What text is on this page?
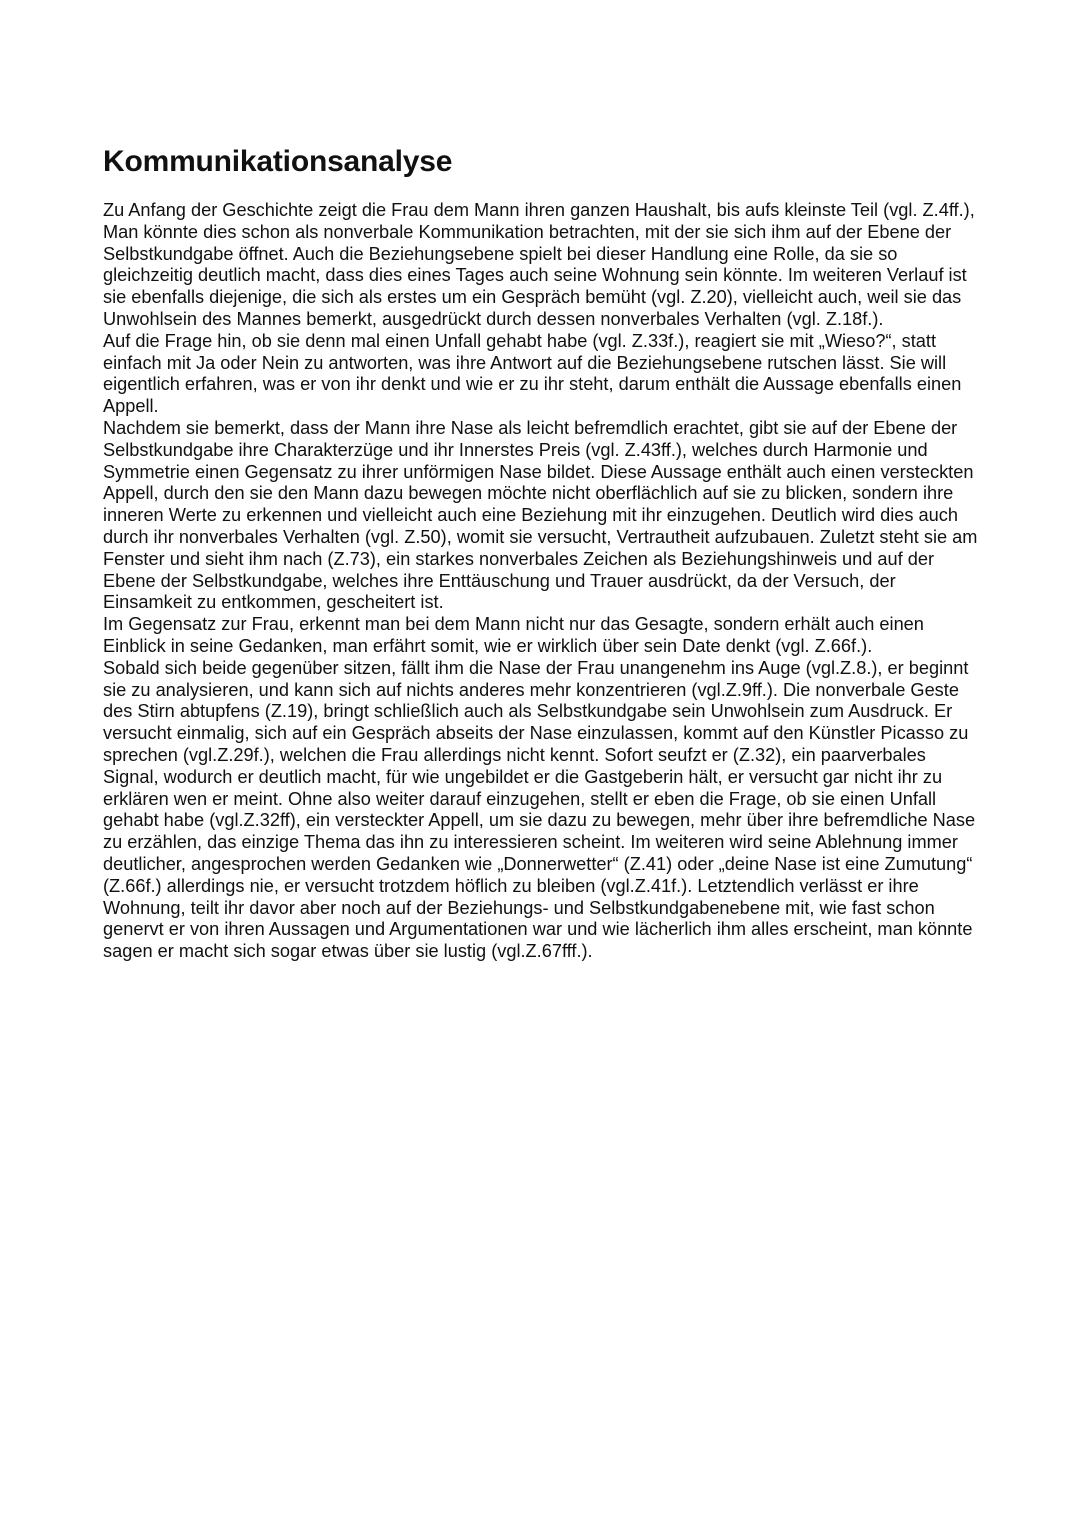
Kommunikationsanalyse

Zu Anfang der Geschichte zeigt die Frau dem Mann ihren ganzen Haushalt, bis aufs kleinste Teil (vgl. Z.4ff.), Man könnte dies schon als nonverbale Kommunikation betrachten, mit der sie sich ihm auf der Ebene der Selbstkundgabe öffnet. Auch die Beziehungsebene spielt bei dieser Handlung eine Rolle, da sie so gleichzeitig deutlich macht, dass dies eines Tages auch seine Wohnung sein könnte. Im weiteren Verlauf ist sie ebenfalls diejenige, die sich als erstes um ein Gespräch bemüht (vgl. Z.20), vielleicht auch, weil sie das Unwohlsein des Mannes bemerkt, ausgedrückt durch dessen nonverbales Verhalten (vgl. Z.18f.).

Auf die Frage hin, ob sie denn mal einen Unfall gehabt habe (vgl. Z.33f.), reagiert sie mit „Wieso?“, statt einfach mit Ja oder Nein zu antworten, was ihre Antwort auf die Beziehungsebene rutschen lässt. Sie will eigentlich erfahren, was er von ihr denkt und wie er zu ihr steht, darum enthält die Aussage ebenfalls einen Appell.

Nachdem sie bemerkt, dass der Mann ihre Nase als leicht befremdlich erachtet, gibt sie auf der Ebene der Selbstkundgabe ihre Charakterzüge und ihr Innerstes Preis (vgl. Z.43ff.), welches durch Harmonie und Symmetrie einen Gegensatz zu ihrer unförmigen Nase bildet. Diese Aussage enthält auch einen versteckten Appell, durch den sie den Mann dazu bewegen möchte nicht oberflächlich auf sie zu blicken, sondern ihre inneren Werte zu erkennen und vielleicht auch eine Beziehung mit ihr einzugehen. Deutlich wird dies auch durch ihr nonverbales Verhalten (vgl. Z.50), womit sie versucht, Vertrautheit aufzubauen. Zuletzt steht sie am Fenster und sieht ihm nach (Z.73), ein starkes nonverbales Zeichen als Beziehungshinweis und auf der Ebene der Selbstkundgabe, welches ihre Enttäuschung und Trauer ausdrückt, da der Versuch, der Einsamkeit zu entkommen, gescheitert ist.

Im Gegensatz zur Frau, erkennt man bei dem Mann nicht nur das Gesagte, sondern erhält auch einen Einblick in seine Gedanken, man erfährt somit, wie er wirklich über sein Date denkt (vgl. Z.66f.).

Sobald sich beide gegenüber sitzen, fällt ihm die Nase der Frau unangenehm ins Auge (vgl.Z.8.), er beginnt sie zu analysieren, und kann sich auf nichts anderes mehr konzentrieren (vgl.Z.9ff.). Die nonverbale Geste des Stirn abtupfens (Z.19), bringt schließlich auch als Selbstkundgabe sein Unwohlsein zum Ausdruck. Er versucht einmalig, sich auf ein Gespräch abseits der Nase einzulassen, kommt auf den Künstler Picasso zu sprechen (vgl.Z.29f.), welchen die Frau allerdings nicht kennt. Sofort seufzt er (Z.32), ein paarverbales Signal, wodurch er deutlich macht, für wie ungebildet er die Gastgeberin hält, er versucht gar nicht ihr zu erklären wen er meint. Ohne also weiter darauf einzugehen, stellt er eben die Frage, ob sie einen Unfall gehabt habe (vgl.Z.32ff), ein versteckter Appell, um sie dazu zu bewegen, mehr über ihre befremdliche Nase zu erzählen, das einzige Thema das ihn zu interessieren scheint. Im weiteren wird seine Ablehnung immer deutlicher, angesprochen werden Gedanken wie „Donnerwetter“ (Z.41) oder „deine Nase ist eine Zumutung“ (Z.66f.) allerdings nie, er versucht trotzdem höflich zu bleiben (vgl.Z.41f.). Letztendlich verlässt er ihre Wohnung, teilt ihr davor aber noch auf der Beziehungs- und Selbstkundgabenebene mit, wie fast schon genervt er von ihren Aussagen und Argumentationen war und wie lächerlich ihm alles erscheint, man könnte sagen er macht sich sogar etwas über sie lustig (vgl.Z.67fff.).
